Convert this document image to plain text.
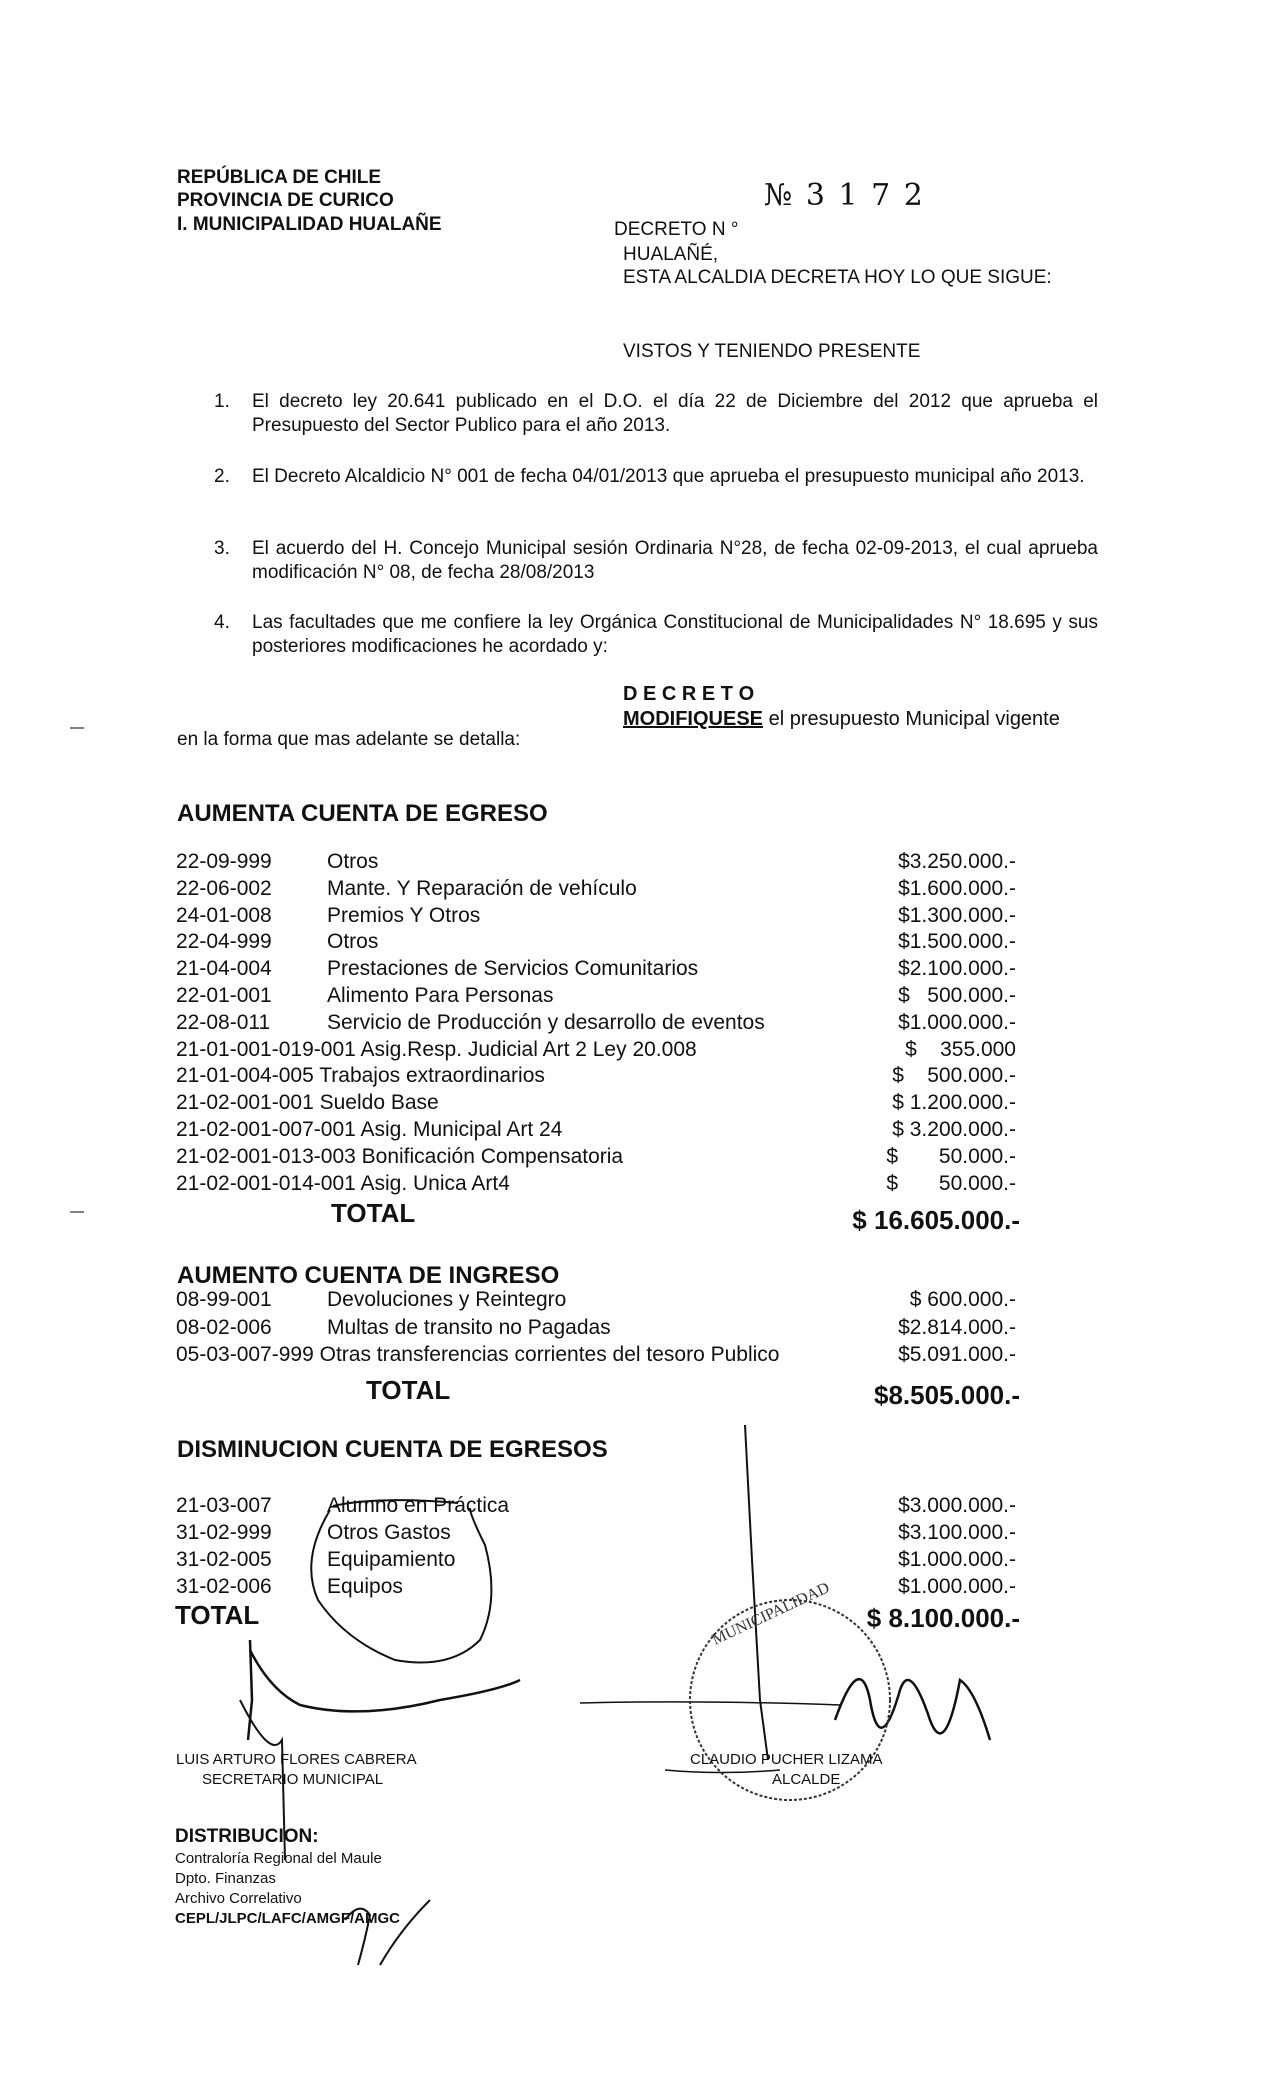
REPÚBLICA DE CHILE
PROVINCIA DE CURICO
I. MUNICIPALIDAD HUALAÑE
№ 3 1 7 2
DECRETO N °
HUALAÑÉ,
ESTA ALCALDIA DECRETA HOY LO QUE SIGUE:
VISTOS Y TENIENDO PRESENTE
1. El decreto ley 20.641 publicado en el D.O. el día 22 de Diciembre del 2012 que aprueba el Presupuesto del Sector Publico para el año 2013.
2. El Decreto Alcaldicio N° 001 de fecha 04/01/2013 que aprueba el presupuesto municipal año 2013.
3. El acuerdo del H. Concejo Municipal sesión Ordinaria N°28, de fecha 02-09-2013, el cual aprueba modificación N° 08, de fecha 28/08/2013
4. Las facultades que me confiere la ley Orgánica Constitucional de Municipalidades N° 18.695 y sus posteriores modificaciones he acordado y:
D E C R E T O
MODIFIQUESE el presupuesto Municipal vigente
en la forma que mas adelante se detalla:
AUMENTA CUENTA DE EGRESO
22-09-999	Otros	$3.250.000.-
22-06-002	Mante. Y Reparación de vehículo	$1.600.000.-
24-01-008	Premios Y Otros	$1.300.000.-
22-04-999	Otros	$1.500.000.-
21-04-004	Prestaciones de Servicios Comunitarios	$2.100.000.-
22-01-001	Alimento Para Personas	$   500.000.-
22-08-011	Servicio de Producción y desarrollo de eventos	$1.000.000.-
21-01-001-019-001 Asig.Resp. Judicial Art 2 Ley 20.008	$    355.000
21-01-004-005 Trabajos extraordinarios	$    500.000.-
21-02-001-001 Sueldo Base	$ 1.200.000.-
21-02-001-007-001 Asig. Municipal Art 24	$ 3.200.000.-
21-02-001-013-003 Bonificación Compensatoria	$       50.000.-
21-02-001-014-001 Asig. Unica Art4	$       50.000.-
TOTAL	$ 16.605.000.-
AUMENTO CUENTA DE INGRESO
08-99-001	Devoluciones y Reintegro	$ 600.000.-
08-02-006	Multas de transito no Pagadas	$2.814.000.-
05-03-007-999 Otras transferencias corrientes del tesoro Publico	$5.091.000.-
TOTAL	$8.505.000.-
DISMINUCION CUENTA DE EGRESOS
21-03-007	Alumno en Práctica	$3.000.000.-
31-02-999	Otros Gastos	$3.100.000.-
31-02-005	Equipamiento	$1.000.000.-
31-02-006	Equipos	$1.000.000.-
TOTAL	$ 8.100.000.-
MUNICIPALIDAD
LUIS ARTURO FLORES CABRERA
SECRETARIO MUNICIPAL
CLAUDIO PUCHER LIZAMA
ALCALDE
DISTRIBUCION:
Contraloría Regional del Maule
Dpto. Finanzas
Archivo Correlativo
CEPL/JLPC/LAFC/AMGF/AMGC
